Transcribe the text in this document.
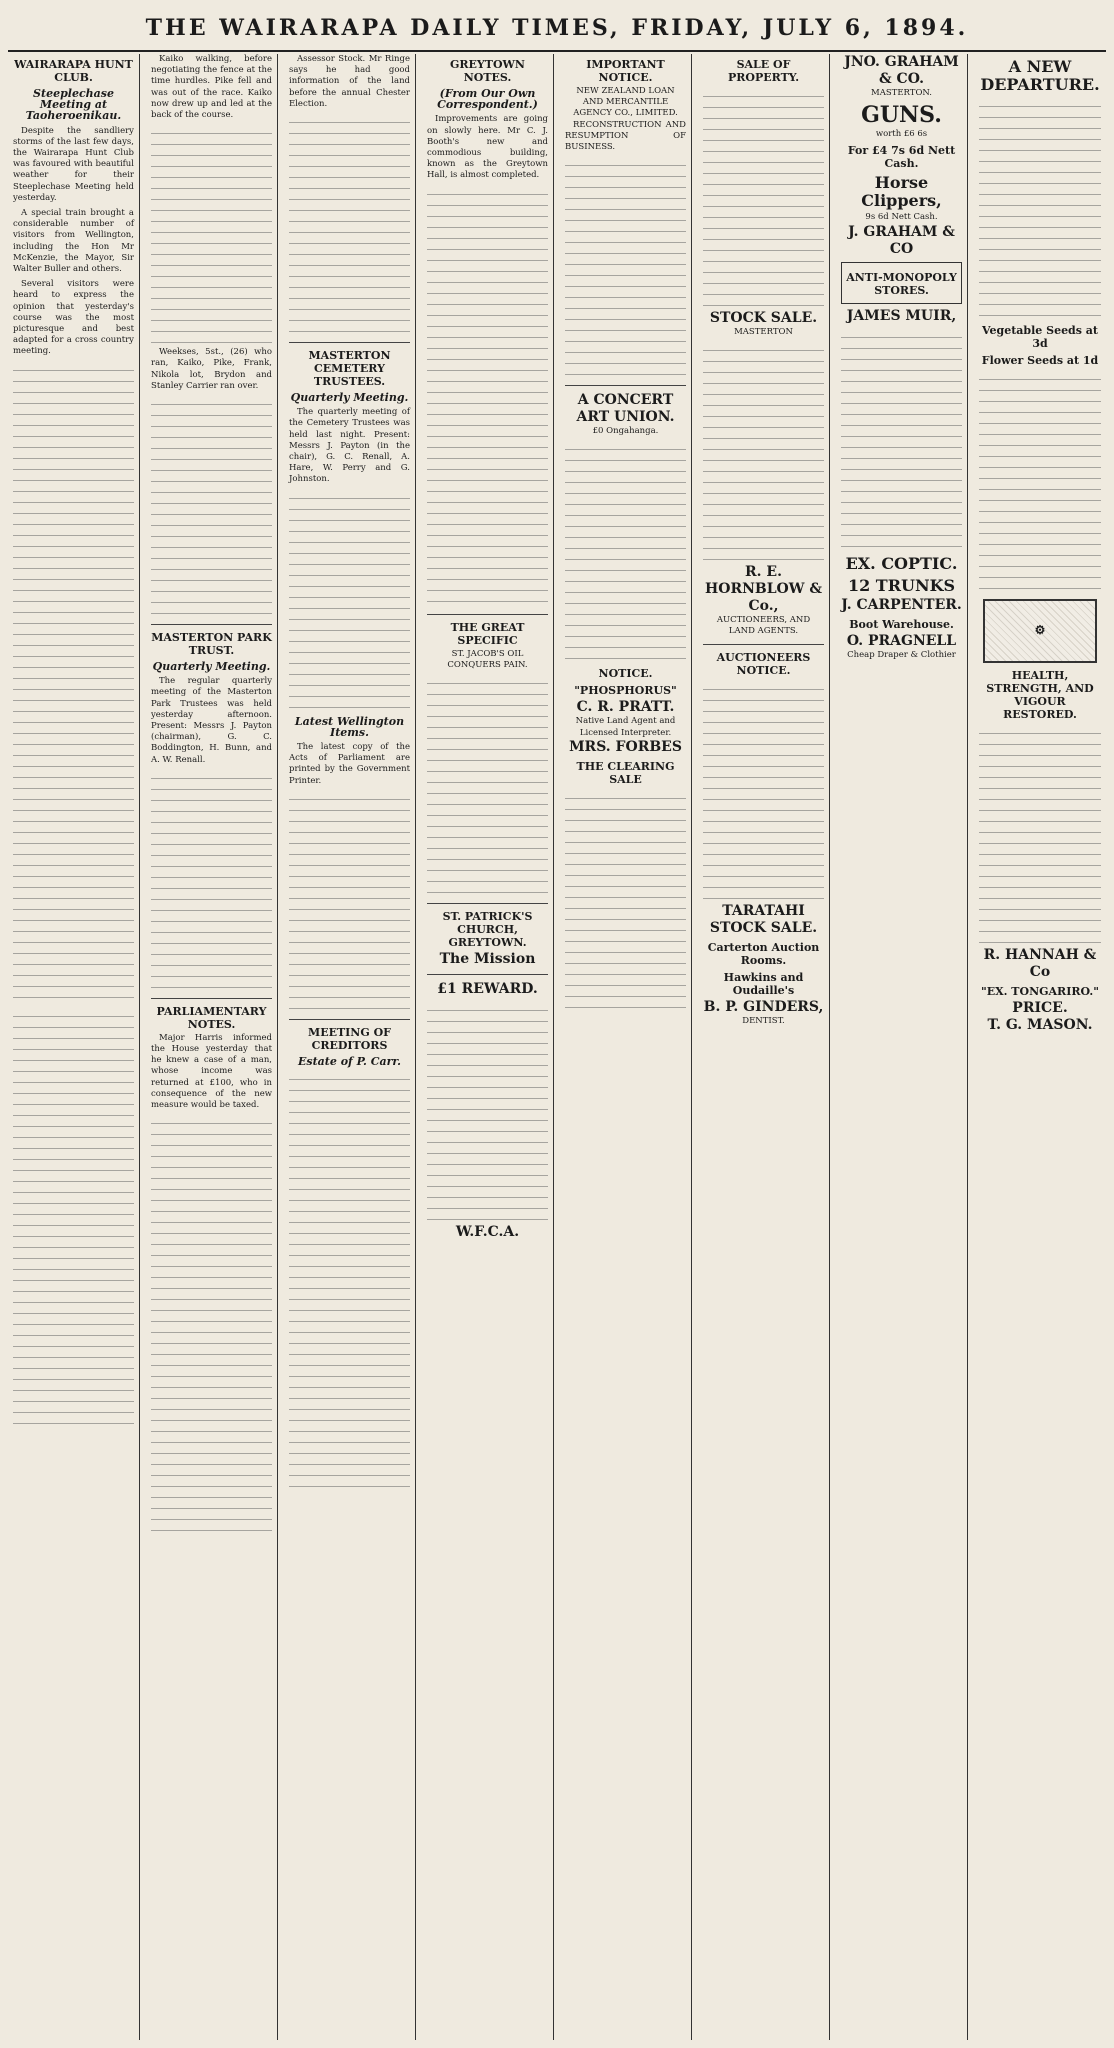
THE WAIRARAPA DAILY TIMES, FRIDAY, JULY 6, 1894.
WAIRARAPA HUNT CLUB.
Steeplechase Meeting at Taoheroenikau.

Despite the sandliery storms of the last few days, the Wairarapa Hunt Club was favoured with beautiful weather for their Steeplechase Meeting held yesterday.

A special train brought a considerable number of visitors from Wellington, including the Hon Mr McKenzie, the Mayor, Sir Walter Buller and others.

Several visitors were heard to express the opinion that yesterday's course was the most picturesque and best adapted for a cross country meeting.

Kaiko walking, before negotiating the fence at the time hurdles. Pike fell and was out of the race. Kaiko now drew up and led at the back of the course.

Weekses, 5st., (26) who ran, Kaiko, Pike, Frank, Nikola lot, Brydon and Stanley Carrier ran over.

MASTERTON PARK TRUST.
Quarterly Meeting.

The regular quarterly meeting of the Masterton Park Trustees was held yesterday afternoon. Present: Messrs J. Payton (chairman), G. C. Boddington, H. Bunn, and A. W. Renall.

PARLIAMENTARY NOTES.

Major Harris informed the House yesterday that he knew a case of a man, whose income was returned at £100, who in consequence of the new measure would be taxed.

Assessor Stock. Mr Ringe says he had good information of the land before the annual Chester Election.

MASTERTON CEMETERY TRUSTEES.
Quarterly Meeting.

The quarterly meeting of the Cemetery Trustees was held last night. Present: Messrs J. Payton (in the chair), G. C. Renall, A. Hare, W. Perry and G. Johnston.

Latest Wellington Items.

The latest copy of the Acts of Parliament are printed by the Government Printer.

MEETING OF CREDITORS
Estate of P. Carr.
GREYTOWN NOTES.
(From Our Own Correspondent.)

Improvements are going on slowly here. Mr C. J. Booth's new and commodious building, known as the Greytown Hall, is almost completed.

THE GREAT SPECIFIC
ST. JACOB'S OIL CONQUERS PAIN.
ST. PATRICK'S CHURCH, GREYTOWN.
The Mission
£1 REWARD.
W.F.C.A.
IMPORTANT NOTICE.
NEW ZEALAND LOAN AND MERCANTILE AGENCY CO., LIMITED.

RECONSTRUCTION AND RESUMPTION OF BUSINESS.

A CONCERT
ART UNION.
£0 Ongahanga.
NOTICE.
"PHOSPHORUS"
C. R. PRATT.
Native Land Agent and Licensed Interpreter.
MRS. FORBES
THE CLEARING SALE
SALE OF PROPERTY.
STOCK SALE.
MASTERTON
R. E. HORNBLOW & Co.,
AUCTIONEERS, AND LAND AGENTS.
AUCTIONEERS NOTICE.
TARATAHI
STOCK SALE.
Carterton Auction Rooms.
Hawkins and Oudaille's
B. P. GINDERS,
DENTIST.
JNO. GRAHAM & CO.
MASTERTON.
GUNS.
worth £6 6s
For £4 7s 6d Nett Cash.
Horse Clippers,
9s 6d Nett Cash.
J. GRAHAM & CO
ANTI-MONOPOLY STORES.
JAMES MUIR,
EX. COPTIC.
12 TRUNKS
J. CARPENTER.
Boot Warehouse.
O. PRAGNELL
Cheap Draper & Clothier
A NEW DEPARTURE.
Vegetable Seeds at 3d
Flower Seeds at 1d
⚙
HEALTH, STRENGTH, AND VIGOUR RESTORED.
R. HANNAH & Co
"EX. TONGARIRO."
PRICE.
T. G. MASON.
